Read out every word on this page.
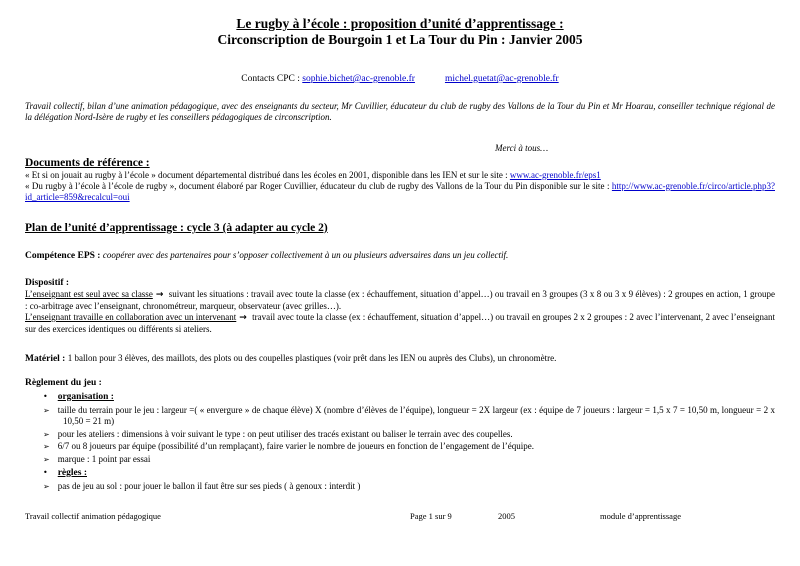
Le rugby à l’école : proposition d’unité d’apprentissage :
Circonscription de Bourgoin 1 et La Tour du Pin : Janvier 2005
Contacts CPC : sophie.bichet@ac-grenoble.fr	michel.guetat@ac-grenoble.fr

Travail collectif, bilan d’une animation pédagogique, avec des enseignants du secteur, Mr Cuvillier, éducateur du club de rugby des Vallons de la Tour du Pin et Mr Hoarau, conseiller technique régional de la délégation Nord-Isère de rugby et les conseillers pédagogiques de circonscription.

Merci à tous…
Documents de référence :

« Et si on jouait au rugby à l’école » document départemental distribué dans les écoles en 2001, disponible dans les IEN et sur le site : www.ac-grenoble.fr/eps1

« Du rugby à l’école à l’école de rugby », document élaboré par Roger Cuvillier, éducateur du club de rugby des Vallons de la Tour du Pin disponible sur le site : http://www.ac-grenoble.fr/circo/article.php3?id_article=859&recalcul=oui

Plan de l’unité d’apprentissage : cycle 3 (à adapter au cycle 2)

Compétence EPS : coopérer avec des partenaires pour s’opposer collectivement à un ou plusieurs adversaires dans un jeu collectif.

Dispositif :

L’enseignant est seul avec sa classe → suivant les situations : travail avec toute la classe (ex : échauffement, situation d’appel…) ou travail en 3 groupes (3 x 8 ou 3 x 9 élèves) : 2 groupes en action, 1 groupe : co-arbitrage avec l’enseignant, chronométreur, marqueur, observateur (avec grilles…).

L’enseignant travaille en collaboration avec un intervenant → travail avec toute la classe (ex : échauffement, situation d’appel…) ou travail en groupes 2 x 2 groupes : 2 avec l’intervenant, 2 avec l’enseignant sur des exercices identiques ou différents si ateliers.

Matériel : 1 ballon pour 3 élèves, des maillots, des plots ou des coupelles plastiques (voir prêt dans les IEN ou auprès des Clubs), un chronomètre.

Règlement du jeu :

• organisation :
➢ taille du terrain pour le jeu : largeur =( « envergure » de chaque élève) X (nombre d’élèves de l’équipe), longueur = 2X largeur (ex : équipe de 7 joueurs : largeur = 1,5 x 7 = 10,50 m, longueur = 2 x 10,50 = 21 m)
➢ pour les ateliers : dimensions à voir suivant le type : on peut utiliser des tracés existant ou baliser le terrain avec des coupelles.
➢ 6/7 ou 8 joueurs par équipe (possibilité d’un remplaçant), faire varier le nombre de joueurs en fonction de l’engagement de l’équipe.
➢ marque : 1 point par essai
• règles :
➢ pas de jeu au sol : pour jouer le ballon il faut être sur ses pieds ( à genoux : interdit )
Travail collectif animation pédagogique	Page 1 sur 9	2005	module d’apprentissage
